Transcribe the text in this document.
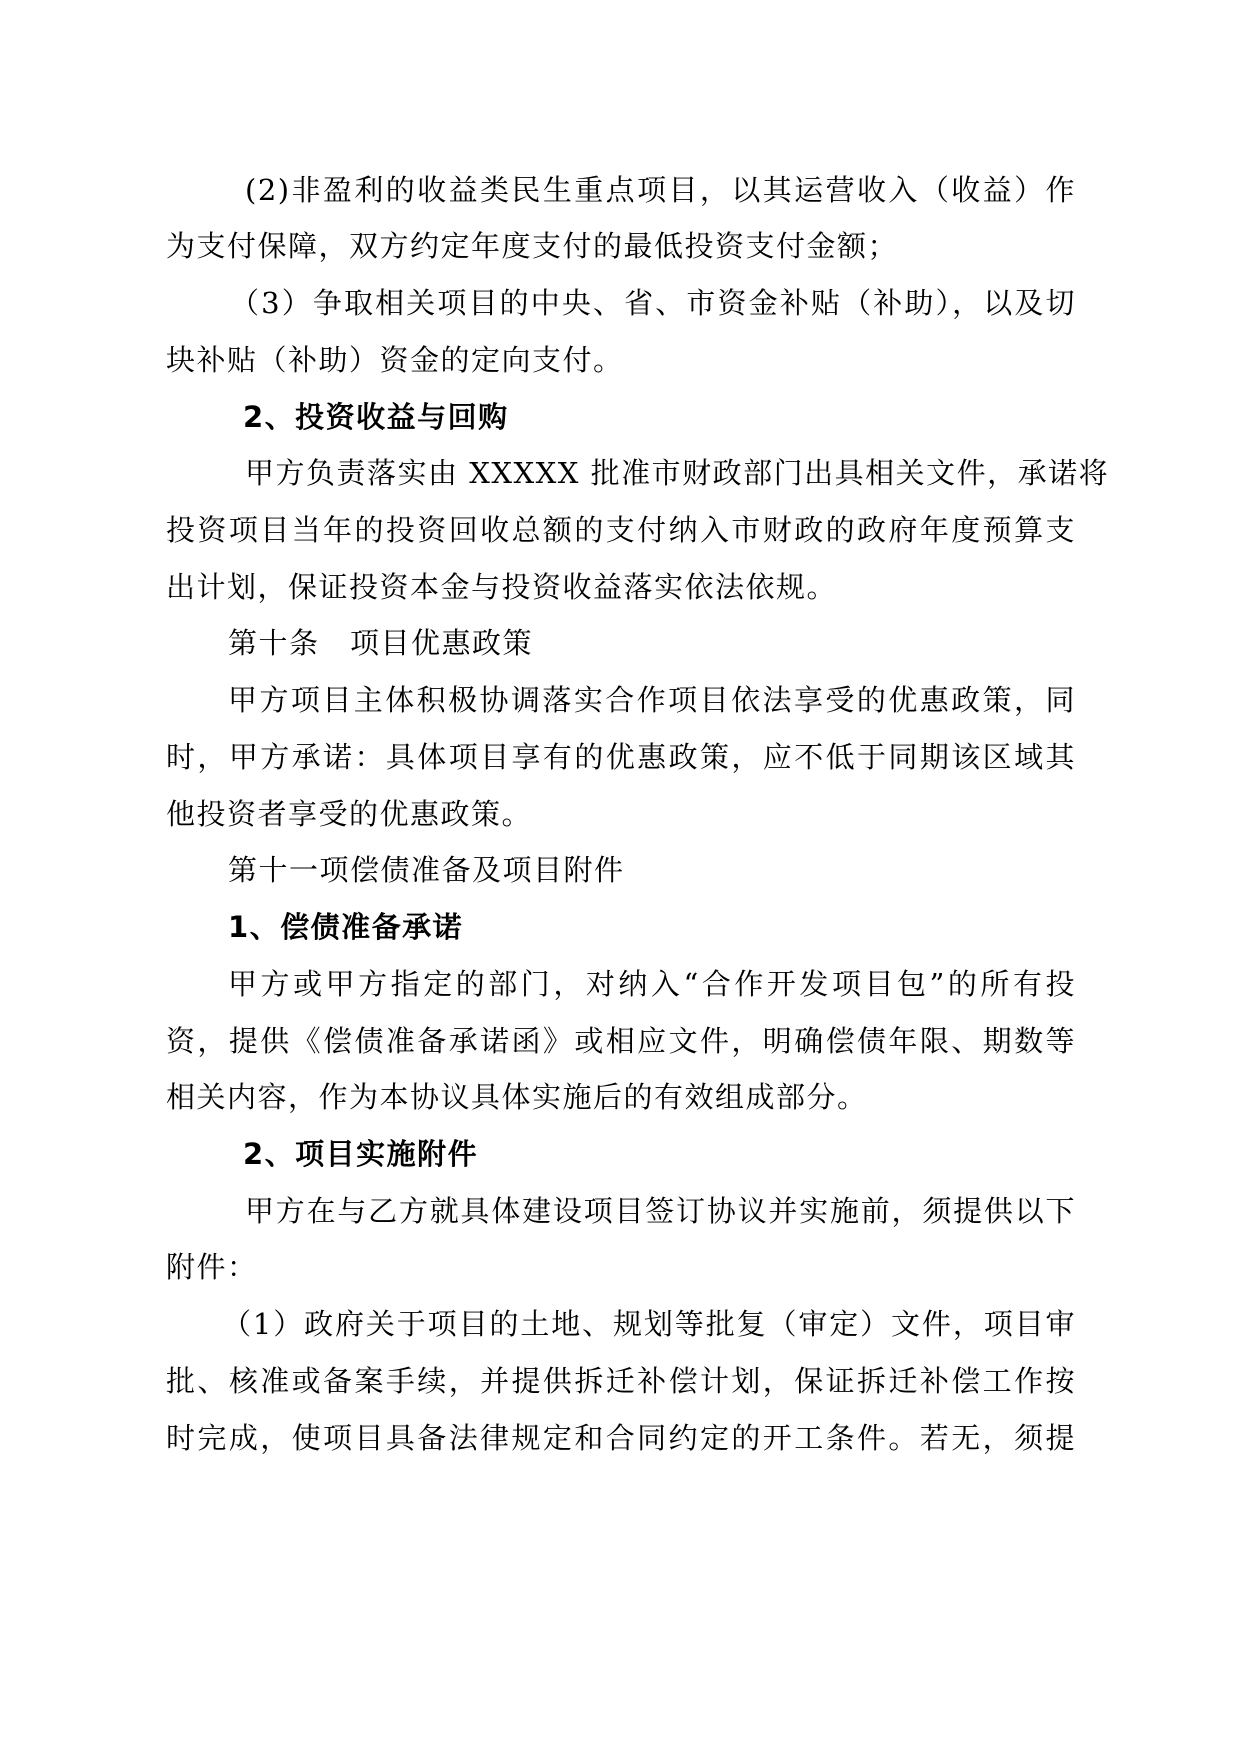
(2)非盈利的收益类民生重点项目，以其运营收入（收益）作
为支付保障，双方约定年度支付的最低投资支付金额；
（3）争取相关项目的中央、省、市资金补贴（补助），以及切
块补贴（补助）资金的定向支付。
2、投资收益与回购
甲方负责落实由 XXXXX 批准市财政部门出具相关文件，承诺将
投资项目当年的投资回收总额的支付纳入市财政的政府年度预算支
出计划，保证投资本金与投资收益落实依法依规。
第十条　项目优惠政策
甲方项目主体积极协调落实合作项目依法享受的优惠政策，同
时，甲方承诺：具体项目享有的优惠政策，应不低于同期该区域其
他投资者享受的优惠政策。
第十一项偿债准备及项目附件
1、偿债准备承诺
甲方或甲方指定的部门，对纳入“合作开发项目包”的所有投
资，提供《偿债准备承诺函》或相应文件，明确偿债年限、期数等
相关内容，作为本协议具体实施后的有效组成部分。
2、项目实施附件
甲方在与乙方就具体建设项目签订协议并实施前，须提供以下
附件：
（1）政府关于项目的土地、规划等批复（审定）文件，项目审
批、核准或备案手续，并提供拆迁补偿计划，保证拆迁补偿工作按
时完成，使项目具备法律规定和合同约定的开工条件。若无，须提
